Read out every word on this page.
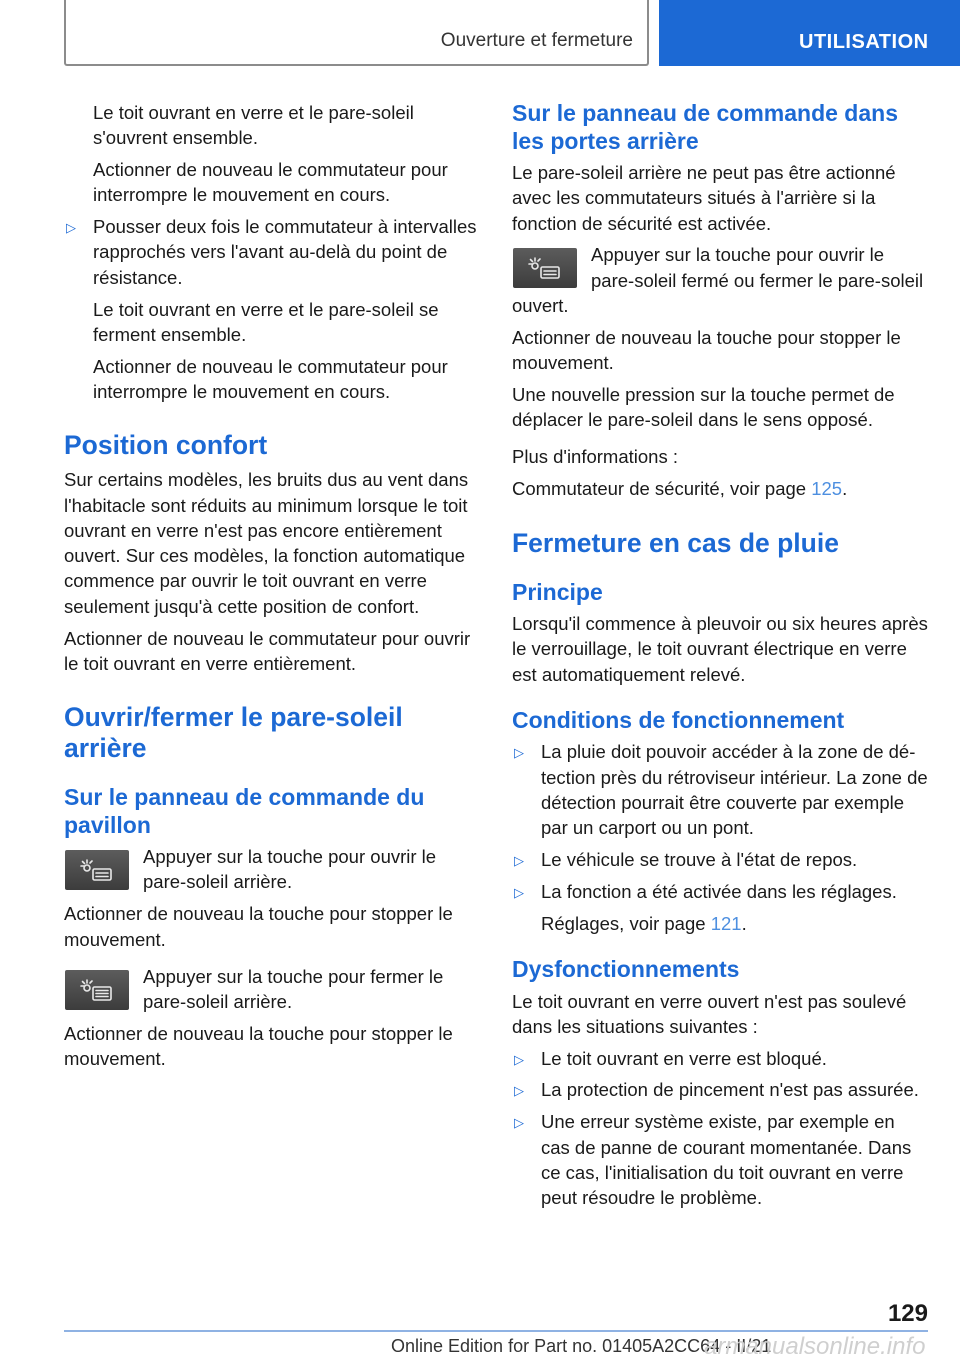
Ouverture et fermeture	UTILISATION

Le toit ouvrant en verre et le pare-soleil s'ouvrent ensemble.

Actionner de nouveau le commutateur pour interrompre le mouvement en cours.

▷ Pousser deux fois le commutateur à intervalles rapprochés vers l'avant au-delà du point de résistance.

Le toit ouvrant en verre et le pare-soleil se ferment ensemble.

Actionner de nouveau le commutateur pour interrompre le mouvement en cours.

Position confort

Sur certains modèles, les bruits dus au vent dans l'habitacle sont réduits au minimum lorsque le toit ouvrant en verre n'est pas encore entièrement ouvert. Sur ces modèles, la fonction automatique commence par ouvrir le toit ouvrant en verre seulement jusqu'à cette position de confort.

Actionner de nouveau le commutateur pour ouvrir le toit ouvrant en verre entièrement.

Ouvrir/fermer le pare-soleil arrière
Sur le panneau de commande du pavillon

Appuyer sur la touche pour ouvrir le pare-soleil arrière.

Actionner de nouveau la touche pour stopper le mouvement.

Appuyer sur la touche pour fermer le pare-soleil arrière.

Actionner de nouveau la touche pour stopper le mouvement.

Sur le panneau de commande dans les portes arrière

Le pare-soleil arrière ne peut pas être actionné avec les commutateurs situés à l'arrière si la fonction de sécurité est activée.

Appuyer sur la touche pour ouvrir le pare-soleil fermé ou fermer le pare-soleil ouvert.

Actionner de nouveau la touche pour stopper le mouvement.

Une nouvelle pression sur la touche permet de déplacer le pare-soleil dans le sens opposé.

Plus d'informations :

Commutateur de sécurité, voir page 125.

Fermeture en cas de pluie
Principe

Lorsqu'il commence à pleuvoir ou six heures après le verrouillage, le toit ouvrant électrique en verre est automatiquement relevé.

Conditions de fonctionnement
▷ La pluie doit pouvoir accéder à la zone de détection près du rétroviseur intérieur. La zone de détection pourrait être couverte par exemple par un carport ou un pont.

▷ Le véhicule se trouve à l'état de repos.

▷ La fonction a été activée dans les réglages.

Réglages, voir page 121.

Dysfonctionnements

Le toit ouvrant en verre ouvert n'est pas soulevé dans les situations suivantes :

▷ Le toit ouvrant en verre est bloqué.

▷ La protection de pincement n'est pas assurée.

▷ Une erreur système existe, par exemple en cas de panne de courant momentanée. Dans ce cas, l'initialisation du toit ouvrant en verre peut résoudre le problème.

129
Online Edition for Part no. 01405A2CC64 - II/21
armanualsonline.info
